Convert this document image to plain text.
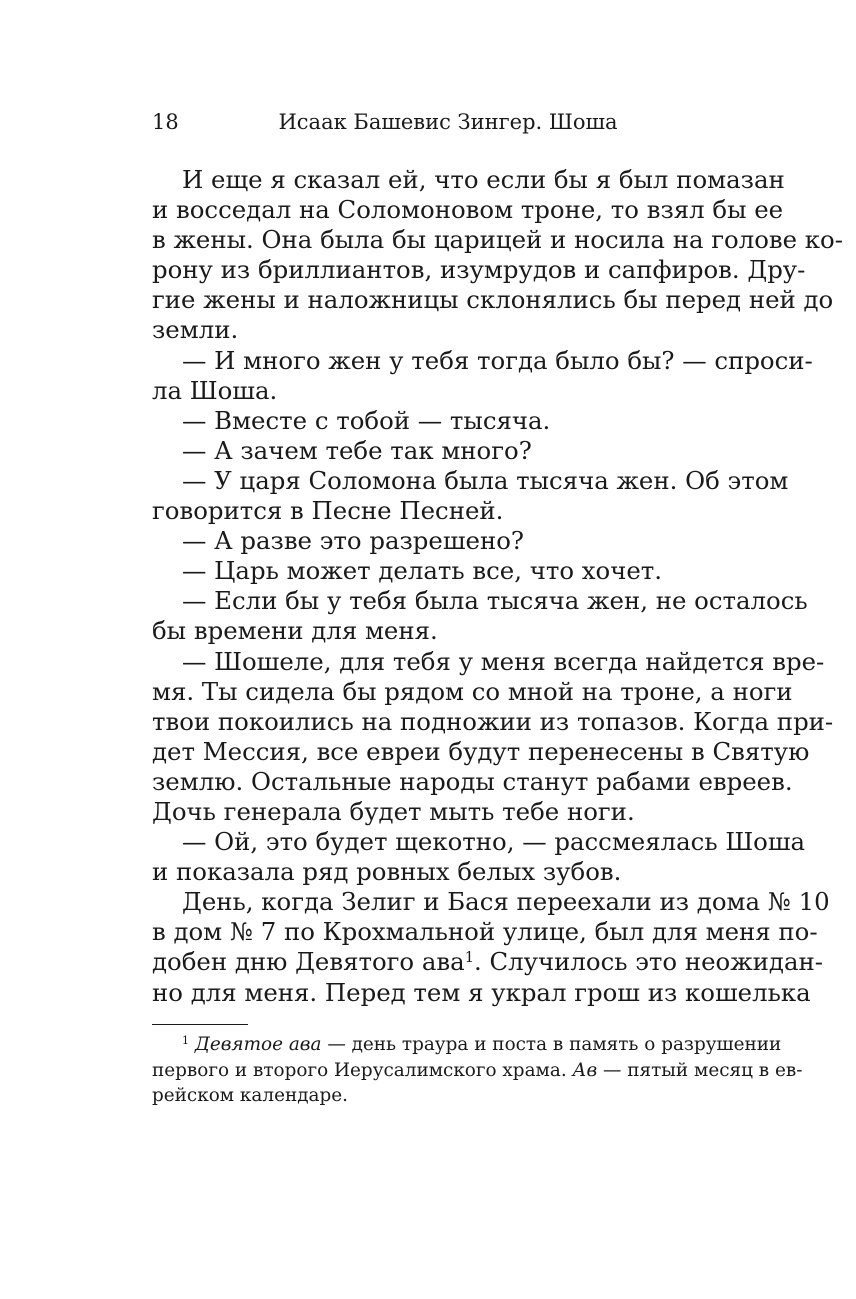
18	Исаак Башевис Зингер. Шоша
И еще я сказал ей, что если бы я был помазан
и восседал на Соломоновом троне, то взял бы ее
в жены. Она была бы царицей и носила на голове ко-
рону из бриллиантов, изумрудов и сапфиров. Дру-
гие жены и наложницы склонялись бы перед ней до
земли.
— И много жен у тебя тогда было бы? — спроси-
ла Шоша.
— Вместе с тобой — тысяча.
— А зачем тебе так много?
— У царя Соломона была тысяча жен. Об этом
говорится в Песне Песней.
— А разве это разрешено?
— Царь может делать все, что хочет.
— Если бы у тебя была тысяча жен, не осталось
бы времени для меня.
— Шошеле, для тебя у меня всегда найдется вре-
мя. Ты сидела бы рядом со мной на троне, а ноги
твои покоились на подножии из топазов. Когда при-
дет Мессия, все евреи будут перенесены в Святую
землю. Остальные народы станут рабами евреев.
Дочь генерала будет мыть тебе ноги.
— Ой, это будет щекотно, — рассмеялась Шоша
и показала ряд ровных белых зубов.
День, когда Зелиг и Бася переехали из дома № 10
в дом № 7 по Крохмальной улице, был для меня по-
добен дню Девятого ава$^1$. Случилось это неожидан-
но для меня. Перед тем я украл грош из кошелька
$^1$ Девятое ава — день траура и поста в память о разрушении
первого и второго Иерусалимского храма. Ав — пятый месяц в ев-
рейском календаре.
